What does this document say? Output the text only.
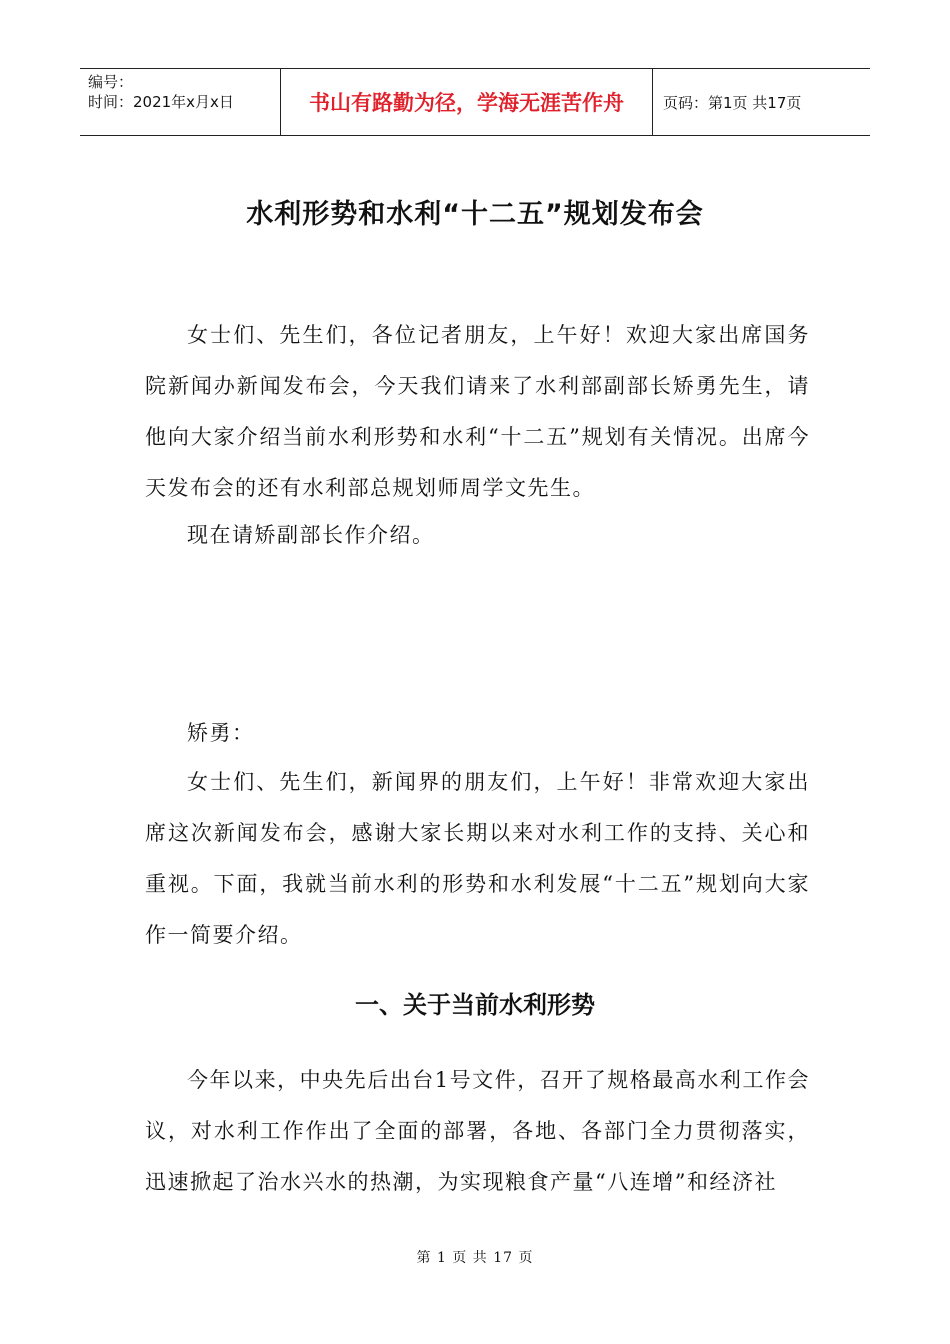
编号：
时间：2021年x月x日	书山有路勤为径，学海无涯苦作舟	页码：第1页 共17页
水利形势和水利“十二五”规划发布会
女士们、先生们，各位记者朋友，上午好！欢迎大家出席国务院新闻办新闻发布会，今天我们请来了水利部副部长矫勇先生，请他向大家介绍当前水利形势和水利“十二五”规划有关情况。出席今天发布会的还有水利部总规划师周学文先生。
现在请矫副部长作介绍。
矫勇：
女士们、先生们，新闻界的朋友们，上午好！非常欢迎大家出席这次新闻发布会，感谢大家长期以来对水利工作的支持、关心和重视。下面，我就当前水利的形势和水利发展“十二五”规划向大家作一简要介绍。
一、关于当前水利形势
今年以来，中央先后出台1号文件，召开了规格最高水利工作会议，对水利工作作出了全面的部署，各地、各部门全力贯彻落实，迅速掀起了治水兴水的热潮，为实现粮食产量“八连增”和经济社
第 1 页 共 17 页
